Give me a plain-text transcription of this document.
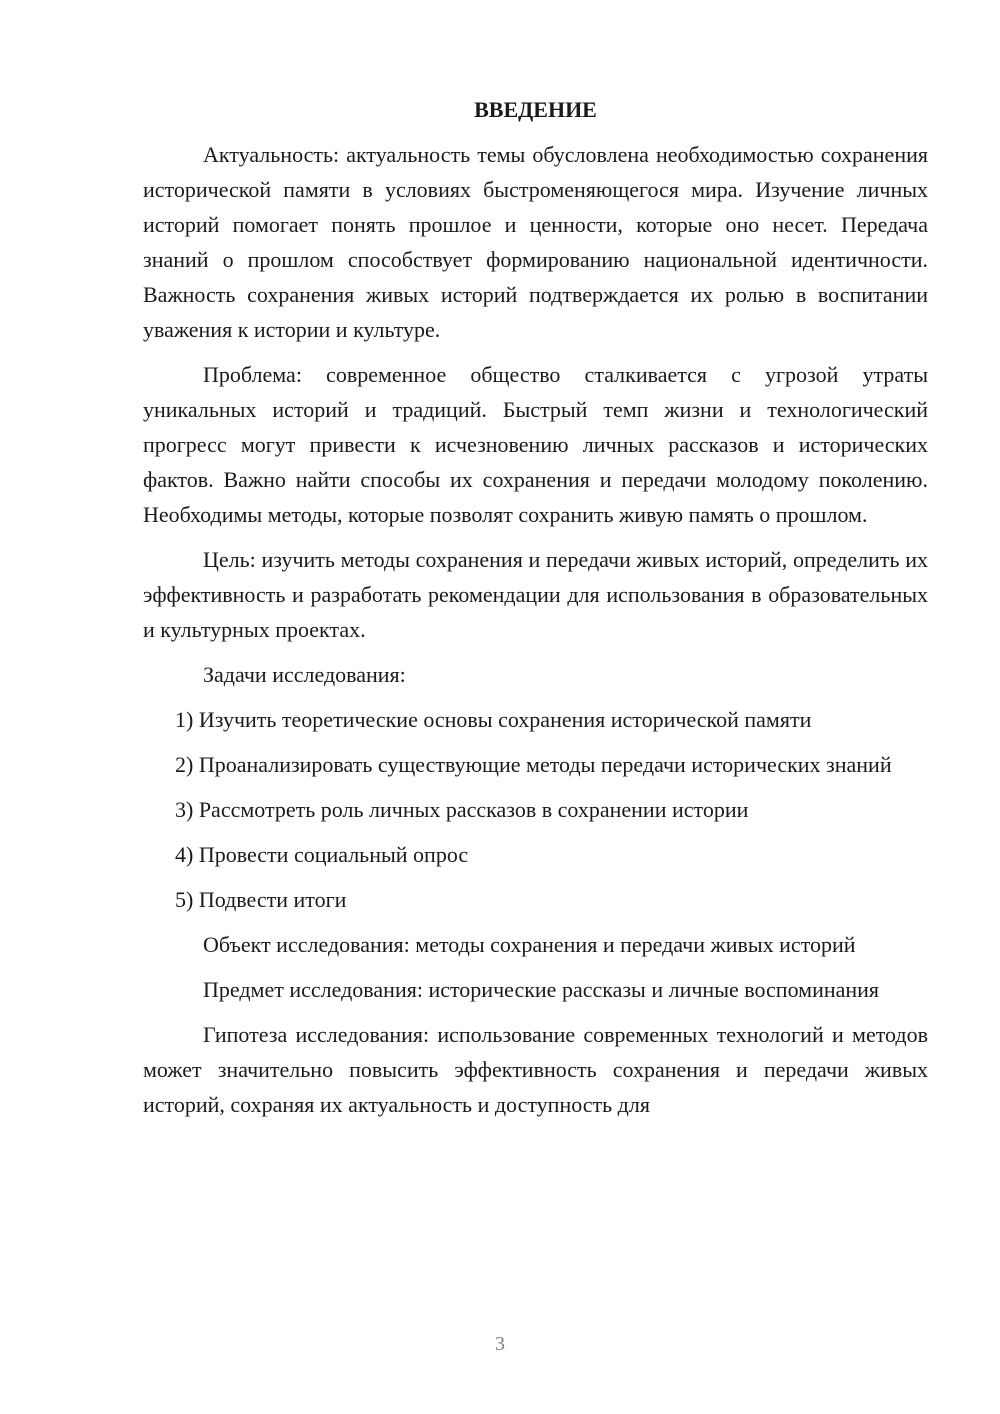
ВВЕДЕНИЕ

Актуальность: актуальность темы обусловлена необходимостью сохранения исторической памяти в условиях быстроменяющегося мира. Изучение личных историй помогает понять прошлое и ценности, которые оно несет. Передача знаний о прошлом способствует формированию национальной идентичности. Важность сохранения живых историй подтверждается их ролью в воспитании уважения к истории и культуре.

Проблема: современное общество сталкивается с угрозой утраты уникальных историй и традиций. Быстрый темп жизни и технологический прогресс могут привести к исчезновению личных рассказов и исторических фактов. Важно найти способы их сохранения и передачи молодому поколению. Необходимы методы, которые позволят сохранить живую память о прошлом.

Цель: изучить методы сохранения и передачи живых историй, определить их эффективность и разработать рекомендации для использования в образовательных и культурных проектах.

Задачи исследования:

1) Изучить теоретические основы сохранения исторической памяти

2) Проанализировать существующие методы передачи исторических знаний

3) Рассмотреть роль личных рассказов в сохранении истории

4) Провести социальный опрос

5) Подвести итоги

Объект исследования: методы сохранения и передачи живых историй

Предмет исследования: исторические рассказы и личные воспоминания

Гипотеза исследования: использование современных технологий и методов может значительно повысить эффективность сохранения и передачи живых историй, сохраняя их актуальность и доступность для

3
